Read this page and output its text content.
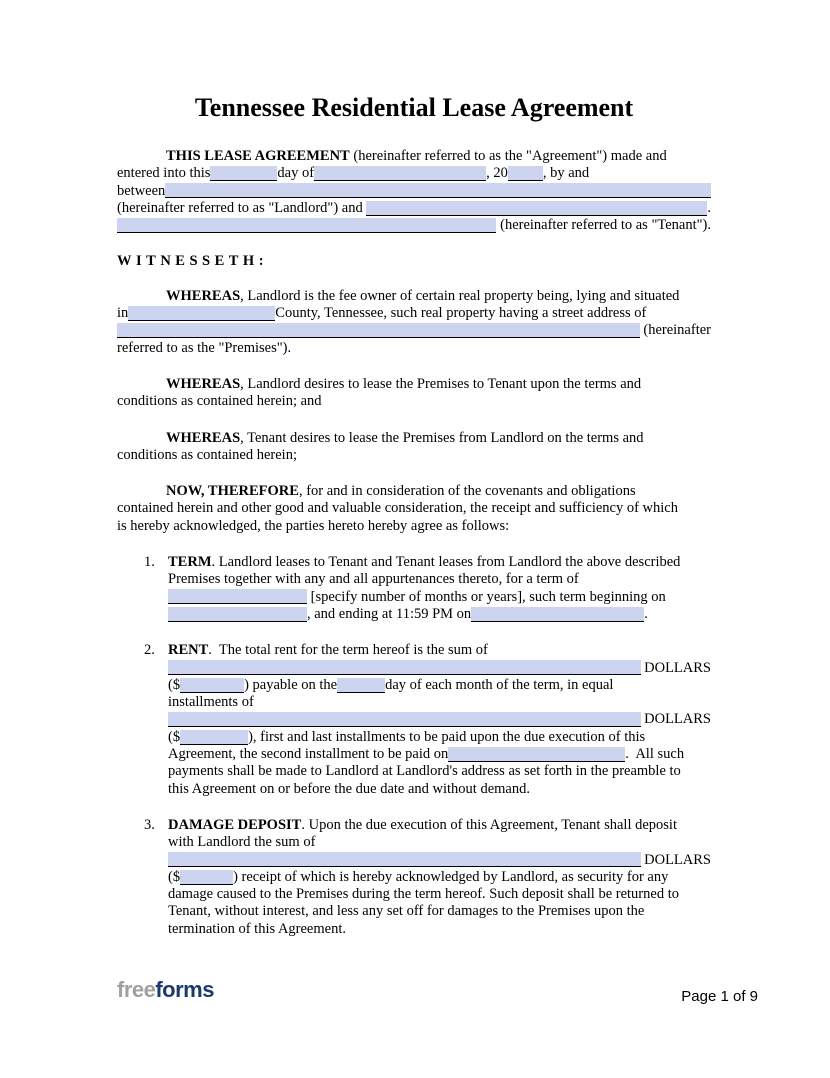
Tennessee Residential Lease Agreement
THIS LEASE AGREEMENT (hereinafter referred to as the "Agreement") made and
entered into this	day of	, 20 , by and
between
(hereinafter referred to as "Landlord") and	.
(hereinafter referred to as "Tenant").
WITNESSETH:
WHEREAS , Landlord is the fee owner of certain real property being, lying and situated
in	County, Tennessee, such real property having a street address of
(hereinafter
referred to as the "Premises").
WHEREAS , Landlord desires to lease the Premises to Tenant upon the terms and
conditions as contained herein; and
WHEREAS , Tenant desires to lease the Premises from Landlord on the terms and
conditions as contained herein;
NOW, THEREFORE , for and in consideration of the covenants and obligations
contained herein and other good and valuable consideration, the receipt and sufficiency of which
is hereby acknowledged, the parties hereto hereby agree as follows:
1. TERM . Landlord leases to Tenant and Tenant leases from Landlord the above described
Premises together with any and all appurtenances thereto, for a term of
[specify number of months or years], such term beginning on
, and ending at 11:59 PM on	.
2. RENT .  The total rent for the term hereof is the sum of
DOLLARS
($	) payable on the	day of each month of the term, in equal
installments of
DOLLARS
($	), first and last installments to be paid upon the due execution of this
Agreement, the second installment to be paid on	.  All such
payments shall be made to Landlord at Landlord's address as set forth in the preamble to
this Agreement on or before the due date and without demand.
3. DAMAGE DEPOSIT . Upon the due execution of this Agreement, Tenant shall deposit
with Landlord the sum of
DOLLARS
($	) receipt of which is hereby acknowledged by Landlord, as security for any
damage caused to the Premises during the term hereof. Such deposit shall be returned to
Tenant, without interest, and less any set off for damages to the Premises upon the
termination of this Agreement.
freeforms	Page 1 of 9
